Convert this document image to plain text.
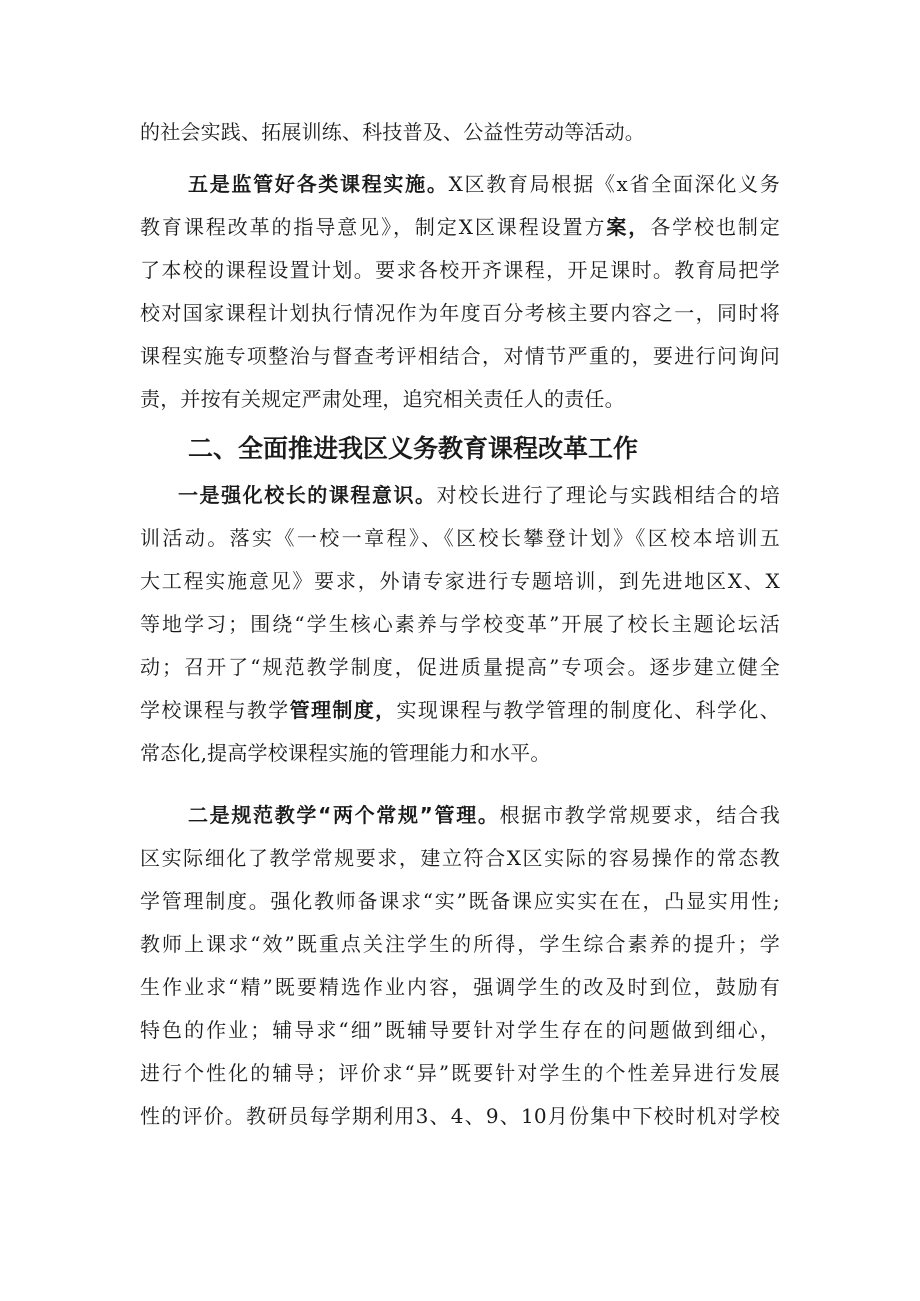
的社会实践、拓展训练、科技普及、公益性劳动等活动。
五是监管好各类课程实施。X区教育局根据《x省全面深化义务
教育课程改革的指导意见》，制定X区课程设置方案，各学校也制定
了本校的课程设置计划。要求各校开齐课程，开足课时。教育局把学
校对国家课程计划执行情况作为年度百分考核主要内容之一，同时将
课程实施专项整治与督查考评相结合，对情节严重的，要进行问询问
责，并按有关规定严肃处理，追究相关责任人的责任。
二、全面推进我区义务教育课程改革工作
一是强化校长的课程意识。对校长进行了理论与实践相结合的培
训活动。落实《一校一章程》、《区校长攀登计划》《区校本培训五
大工程实施意见》要求，外请专家进行专题培训，到先进地区X、X
等地学习；围绕“学生核心素养与学校变革”开展了校长主题论坛活
动；召开了“规范教学制度，促进质量提高”专项会。逐步建立健全
学校课程与教学管理制度，实现课程与教学管理的制度化、科学化、
常态化,提高学校课程实施的管理能力和水平。
二是规范教学“两个常规”管理。根据市教学常规要求，结合我
区实际细化了教学常规要求，建立符合X区实际的容易操作的常态教
学管理制度。强化教师备课求“实”既备课应实实在在，凸显实用性;
教师上课求“效”既重点关注学生的所得，学生综合素养的提升；学
生作业求“精”既要精选作业内容，强调学生的改及时到位，鼓励有
特色的作业；辅导求“细”既辅导要针对学生存在的问题做到细心，
进行个性化的辅导；评价求“异”既要针对学生的个性差异进行发展
性的评价。教研员每学期利用3、4、9、10月份集中下校时机对学校
